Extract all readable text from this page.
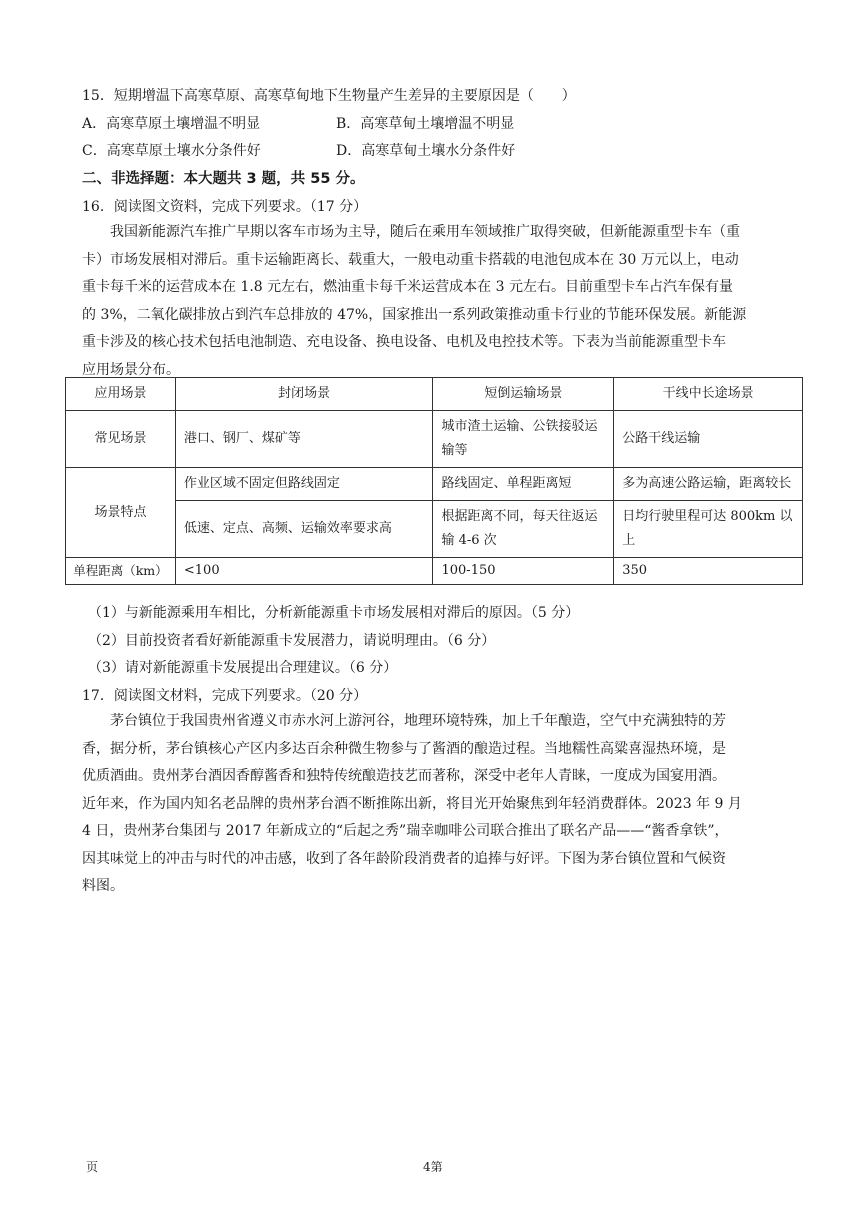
15．短期增温下高寒草原、高寒草甸地下生物量产生差异的主要原因是（　　）
A．高寒草原土壤增温不明显	B．高寒草甸土壤增温不明显
C．高寒草原土壤水分条件好	D．高寒草甸土壤水分条件好
二、非选择题：本大题共 3 题，共 55 分。
16．阅读图文资料，完成下列要求。（17 分）
我国新能源汽车推广早期以客车市场为主导，随后在乘用车领域推广取得突破，但新能源重型卡车（重
卡）市场发展相对滞后。重卡运输距离长、载重大，一般电动重卡搭载的电池包成本在 30 万元以上，电动
重卡每千米的运营成本在 1.8 元左右，燃油重卡每千米运营成本在 3 元左右。目前重型卡车占汽车保有量
的 3%，二氧化碳排放占到汽车总排放的 47%，国家推出一系列政策推动重卡行业的节能环保发展。新能源
重卡涉及的核心技术包括电池制造、充电设备、换电设备、电机及电控技术等。下表为当前能源重型卡车
应用场景分布。
应用场景	封闭场景	短倒运输场景	干线中长途场景
常见场景	港口、钢厂、煤矿等	城市渣土运输、公铁接驳运输等	公路干线运输
场景特点	作业区域不固定但路线固定	路线固定、单程距离短	多为高速公路运输，距离较长
	低速、定点、高频、运输效率要求高	根据距离不同，每天往返运输 4-6 次	日均行驶里程可达 800km 以上
单程距离（km）	<100	100-150	350
（1）与新能源乘用车相比，分析新能源重卡市场发展相对滞后的原因。（5 分）
（2）目前投资者看好新能源重卡发展潜力，请说明理由。（6 分）
（3）请对新能源重卡发展提出合理建议。（6 分）
17．阅读图文材料，完成下列要求。（20 分）
茅台镇位于我国贵州省遵义市赤水河上游河谷，地理环境特殊，加上千年酿造，空气中充满独特的芳
香，据分析，茅台镇核心产区内多达百余种微生物参与了酱酒的酿造过程。当地糯性高粱喜湿热环境，是
优质酒曲。贵州茅台酒因香醇酱香和独特传统酿造技艺而著称，深受中老年人青睐，一度成为国宴用酒。
近年来，作为国内知名老品牌的贵州茅台酒不断推陈出新，将目光开始聚焦到年轻消费群体。2023 年 9 月
4 日，贵州茅台集团与 2017 年新成立的“后起之秀”瑞幸咖啡公司联合推出了联名产品——“酱香拿铁”，
因其味觉上的冲击与时代的冲击感，收到了各年龄阶段消费者的追捧与好评。下图为茅台镇位置和气候资
料图。
页	4第
